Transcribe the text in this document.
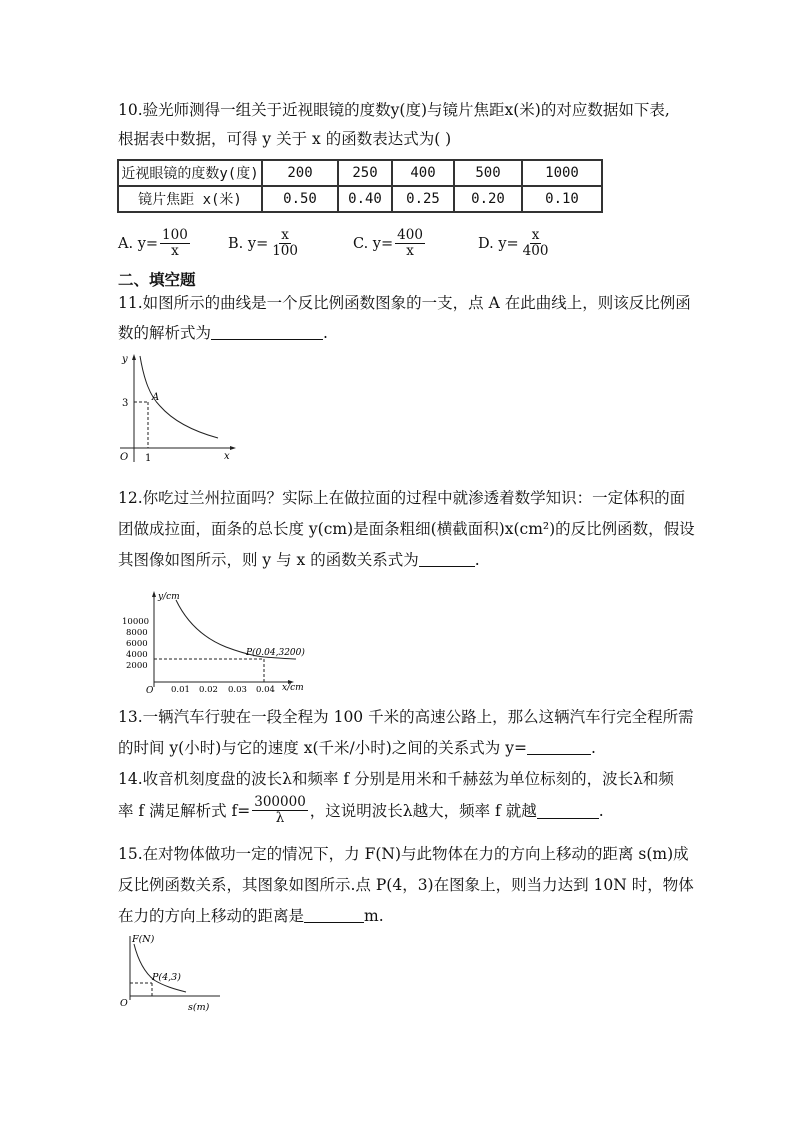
10.验光师测得一组关于近视眼镜的度数y(度)与镜片焦距x(米)的对应数据如下表,
根据表中数据，可得 y 关于 x 的函数表达式为( )
近视眼镜的度数y(度)	200	250	400	500	1000
镜片焦距 x(米)	0.50	0.40	0.25	0.20	0.10
A. $y= \frac{100}{x}$	B. $y= \frac{x}{100}$	C. $y= \frac{400}{x}$	D. $y= \frac{x}{400}$
二、填空题
11.如图所示的曲线是一个反比例函数图象的一支，点 A 在此曲线上，则该反比例函
数的解析式为	.
y
x
O
A
3
1
12.你吃过兰州拉面吗？实际上在做拉面的过程中就渗透着数学知识：一定体积的面
团做成拉面，面条的总长度 y(cm)是面条粗细(横截面积)x(cm²)的反比例函数，假设
其图像如图所示，则 y 与 x 的函数关系式为	.
y/cm
x/cm
O
10000
8000
6000
4000
2000
0.01 0.02 0.03 0.04
P(0.04,3200)
13.一辆汽车行驶在一段全程为 100 千米的高速公路上，那么这辆汽车行完全程所需
的时间 y(小时)与它的速度 x(千米/小时)之间的关系式为 y=	.
14.收音机刻度盘的波长λ和频率 f 分别是用米和千赫兹为单位标刻的，波长λ和频
率 f 满足解析式 $f= \frac{300000}{\lambda}$ ，这说明波长λ越大，频率 f 就越	.
15.在对物体做功一定的情况下，力 F(N)与此物体在力的方向上移动的距离 s(m)成
反比例函数关系，其图象如图所示.点 P(4，3)在图象上，则当力达到 10N 时，物体
在力的方向上移动的距离是	m.
F(N)
s(m)
O
P(4,3)
